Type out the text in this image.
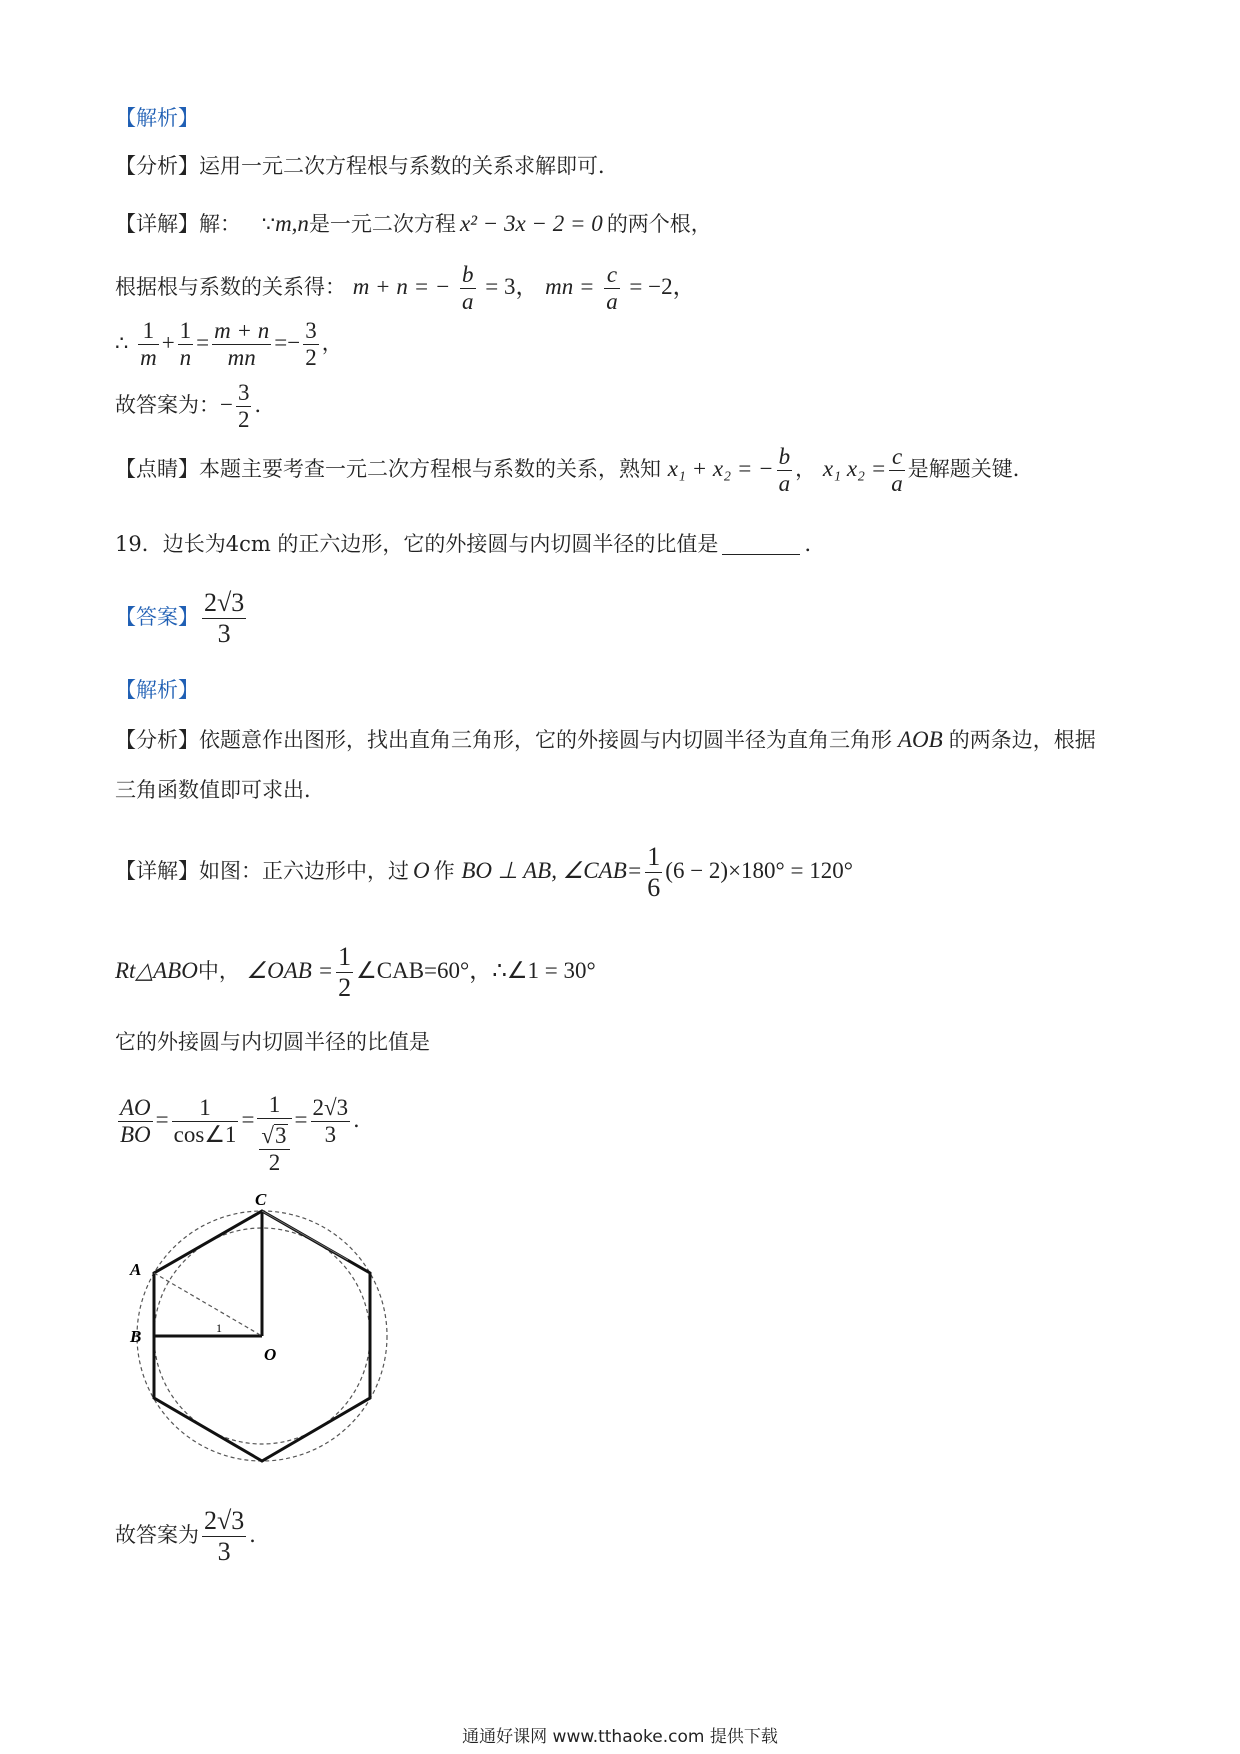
【解析】
【分析】运用一元二次方程根与系数的关系求解即可．
【详解】解： ∵m,n是一元二次方程 x² − 3x − 2 = 0 的两个根，
根据根与系数的关系得： m + n = − $\frac{b}{a} = 3$， mn = $\frac{c}{a} = -2$，
∴ $\frac{1}{m} + \frac{1}{n} = \frac{m + n}{mn} =- \frac{3}{2}$ ，
故答案为：− $\frac{3}{2}$ ．
【点睛】本题主要考查一元二次方程根与系数的关系，熟知 x₁ + x₂ = − $\frac{b}{a}$ ， x₁ $x_2 = \frac{c}{a}$ 是解题关键．
19．边长为4cm 的正六边形，它的外接圆与内切圆半径的比值是	．
【答案】 $\frac{2√3}{3}$
【解析】
【分析】依题意作出图形，找出直角三角形，它的外接圆与内切圆半径为直角三角形 AOB 的两条边，根据
三角函数值即可求出．
【详解】如图：正六边形中，过 O 作 BO ⊥ AB, ∠CAB= $\frac{1}{6} (6 - 2)\times 180^\circ = 120^\circ$
Rt△ABO中， ∠OAB = $\frac{1}{2}$ ∠CAB=60°，∴∠1 = 30°
它的外接圆与内切圆半径的比值是
$\frac{AO}{BO} = \frac{1}{\cos\angle 1} = \frac{1}{\frac{√3}{2}} = \frac{2√3}{3}$ ．
C
A
B
O
1
故答案为 $\frac{2√3}{3}$ ．
通通好课网 www.tthaoke.com 提供下载
